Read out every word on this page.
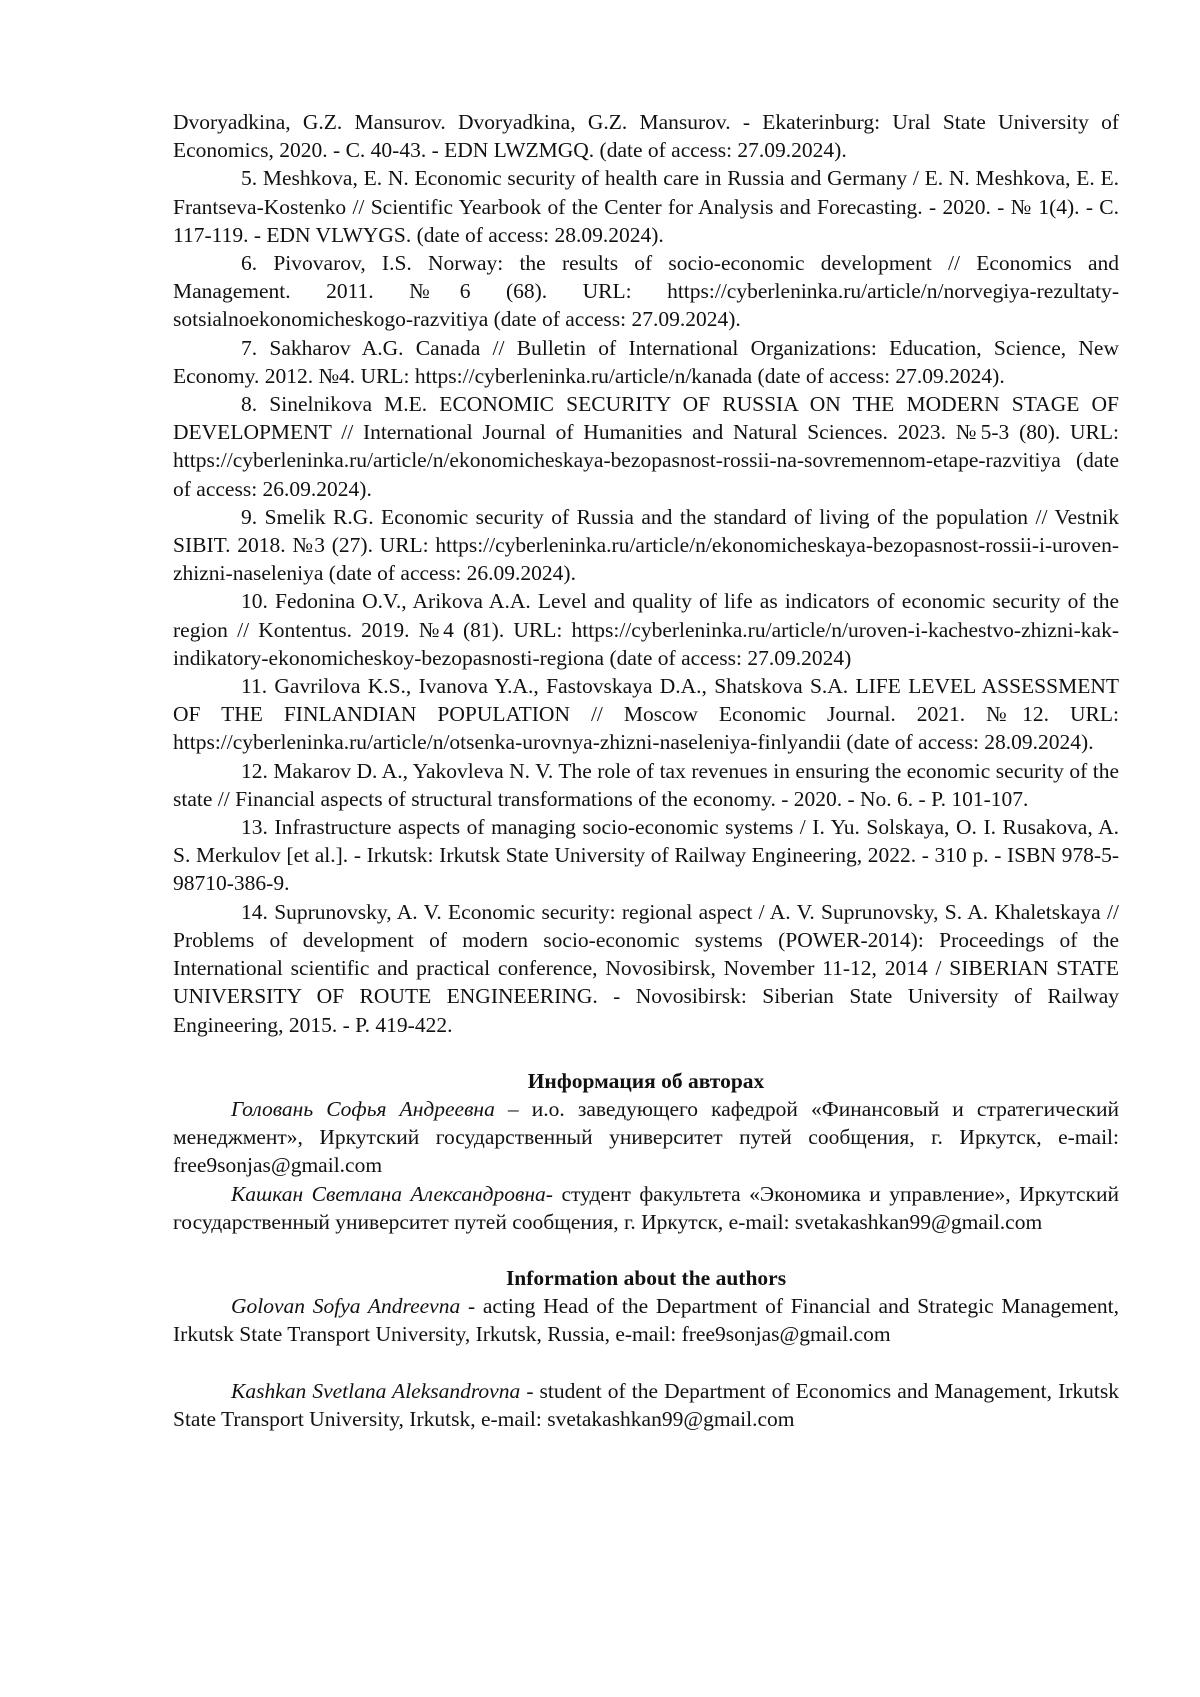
Dvoryadkina, G.Z. Mansurov. Dvoryadkina, G.Z. Mansurov. - Ekaterinburg: Ural State University of Economics, 2020. - С. 40-43. - EDN LWZMGQ. (date of access: 27.09.2024).

5. Meshkova, E. N. Economic security of health care in Russia and Germany / E. N. Meshkova, E. E. Frantseva-Kostenko // Scientific Yearbook of the Center for Analysis and Forecasting. - 2020. - № 1(4). - С. 117-119. - EDN VLWYGS. (date of access: 28.09.2024).

6. Pivovarov, I.S. Norway: the results of socio-economic development // Economics and Management. 2011. №6 (68). URL: https://cyberleninka.ru/article/n/norvegiya-rezultaty-sotsialnoekonomicheskogo-razvitiya (date of access: 27.09.2024).

7. Sakharov A.G. Canada // Bulletin of International Organizations: Education, Science, New Economy. 2012. №4. URL: https://cyberleninka.ru/article/n/kanada (date of access: 27.09.2024).

8. Sinelnikova M.E. ECONOMIC SECURITY OF RUSSIA ON THE MODERN STAGE OF DEVELOPMENT // International Journal of Humanities and Natural Sciences. 2023. №5-3 (80). URL: https://cyberleninka.ru/article/n/ekonomicheskaya-bezopasnost-rossii-na-sovremennom-etape-razvitiya (date of access: 26.09.2024).

9. Smelik R.G. Economic security of Russia and the standard of living of the population // Vestnik SIBIT. 2018. №3 (27). URL: https://cyberleninka.ru/article/n/ekonomicheskaya-bezopasnost-rossii-i-uroven-zhizni-naseleniya (date of access: 26.09.2024).

10. Fedonina O.V., Arikova A.A. Level and quality of life as indicators of economic security of the region // Kontentus. 2019. №4 (81). URL: https://cyberleninka.ru/article/n/uroven-i-kachestvo-zhizni-kak-indikatory-ekonomicheskoy-bezopasnosti-regiona (date of access: 27.09.2024)

11. Gavrilova K.S., Ivanova Y.A., Fastovskaya D.A., Shatskova S.A. LIFE LEVEL ASSESSMENT OF THE FINLANDIAN POPULATION // Moscow Economic Journal. 2021. №12. URL: https://cyberleninka.ru/article/n/otsenka-urovnya-zhizni-naseleniya-finlyandii (date of access: 28.09.2024).

12. Makarov D. A., Yakovleva N. V. The role of tax revenues in ensuring the economic security of the state // Financial aspects of structural transformations of the economy. - 2020. - No. 6. - P. 101-107.

13. Infrastructure aspects of managing socio-economic systems / I. Yu. Solskaya, O. I. Rusakova, A. S. Merkulov [et al.]. - Irkutsk: Irkutsk State University of Railway Engineering, 2022. - 310 p. - ISBN 978-5-98710-386-9.

14. Suprunovsky, A. V. Economic security: regional aspect / A. V. Suprunovsky, S. A. Khaletskaya // Problems of development of modern socio-economic systems (POWER-2014): Proceedings of the International scientific and practical conference, Novosibirsk, November 11-12, 2014 / SIBERIAN STATE UNIVERSITY OF ROUTE ENGINEERING. - Novosibirsk: Siberian State University of Railway Engineering, 2015. - P. 419-422.

Информация об авторах

Головань Софья Андреевна – и.о. заведующего кафедрой «Финансовый и стратегический менеджмент», Иркутский государственный университет путей сообщения, г. Иркутск, e-mail: free9sonjas@gmail.com

Кашкан Светлана Александровна- студент факультета «Экономика и управление», Иркутский государственный университет путей сообщения, г. Иркутск, e-mail: svetakashkan99@gmail.com

Information about the authors

Golovan Sofya Andreevna - acting Head of the Department of Financial and Strategic Management, Irkutsk State Transport University, Irkutsk, Russia, e-mail: free9sonjas@gmail.com

Kashkan Svetlana Aleksandrovna - student of the Department of Economics and Management, Irkutsk State Transport University, Irkutsk, e-mail: svetakashkan99@gmail.com
